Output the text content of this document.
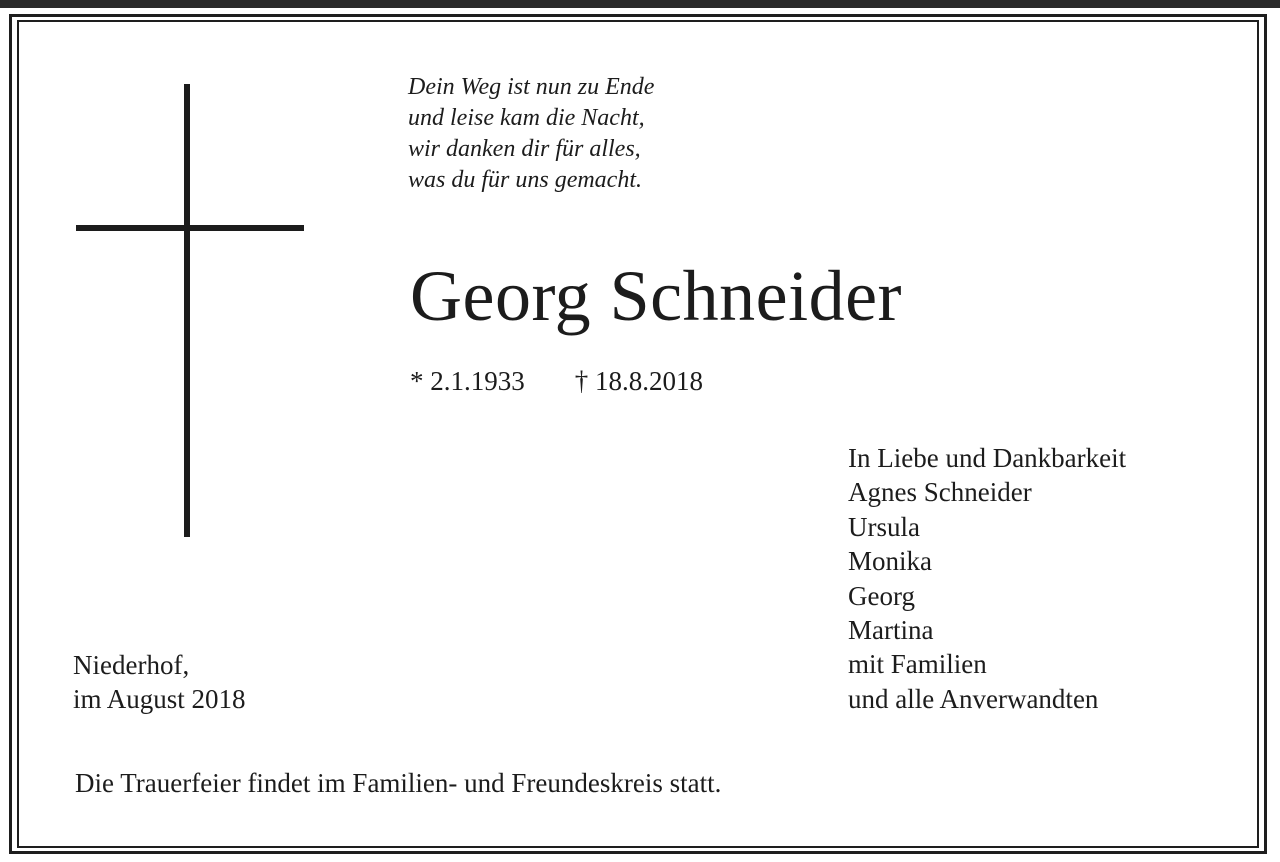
Dein Weg ist nun zu Ende
und leise kam die Nacht,
wir danken dir für alles,
was du für uns gemacht.
Georg Schneider
* 2.1.1933 † 18.8.2018
In Liebe und Dankbarkeit
Agnes Schneider
Ursula
Monika
Georg
Martina
mit Familien
und alle Anverwandten
Niederhof,
im August 2018
Die Trauerfeier findet im Familien- und Freundeskreis statt.
